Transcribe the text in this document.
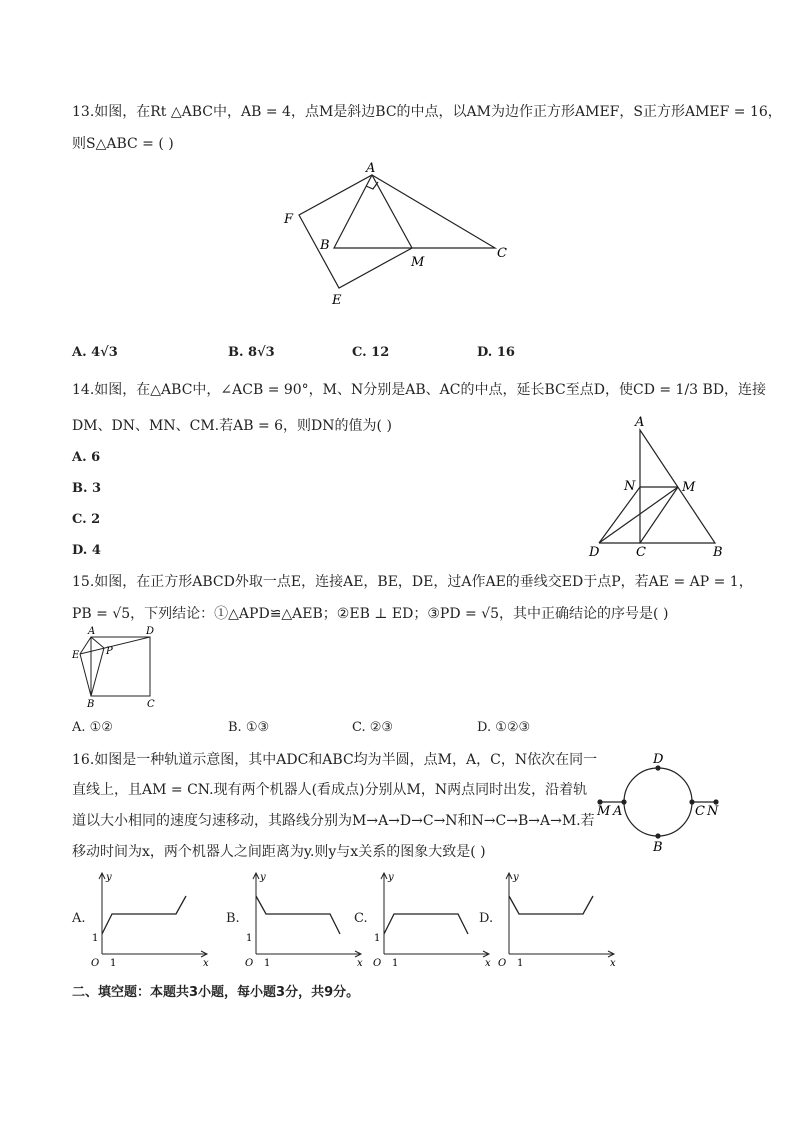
13.如图，在Rt △ABC中，AB = 4，点M是斜边BC的中点，以AM为边作正方形AMEF，S正方形AMEF = 16，
则S△ABC = ( )
A
B
C
M
F
E
A. 4√3	B. 8√3	C. 12	D. 16
14.如图，在△ABC中，∠ACB = 90°，M、N分别是AB、AC的中点，延长BC至点D，使CD = 1/3 BD，连接
DM、DN、MN、CM.若AB = 6，则DN的值为( )
A. 6
B. 3
C. 2
D. 4
A
N	M
D	C	B
15.如图，在正方形ABCD外取一点E，连接AE，BE，DE，过A作AE的垂线交ED于点P，若AE = AP = 1，
PB = √5，下列结论：①△APD≌△AEB；②EB ⊥ ED；③PD = √5，其中正确结论的序号是( )
A	D
E	P
B	C
A. ①②	B. ①③	C. ②③	D. ①②③
16.如图是一种轨道示意图，其中ADC和ABC均为半圆，点M，A，C，N依次在同一
直线上，且AM = CN.现有两个机器人(看成点)分别从M，N两点同时出发，沿着轨
道以大小相同的速度匀速移动，其路线分别为M→A→D→C→N和N→C→B→A→M.若
移动时间为x，两个机器人之间距离为y.则y与x关系的图象大致是( )
D
M A	C N
B
A.	B.	C.	D.
y
x
O 1
1
y
x
O 1
1
y
x
O 1
1
y
x
O 1
二、填空题：本题共3小题，每小题3分，共9分。
